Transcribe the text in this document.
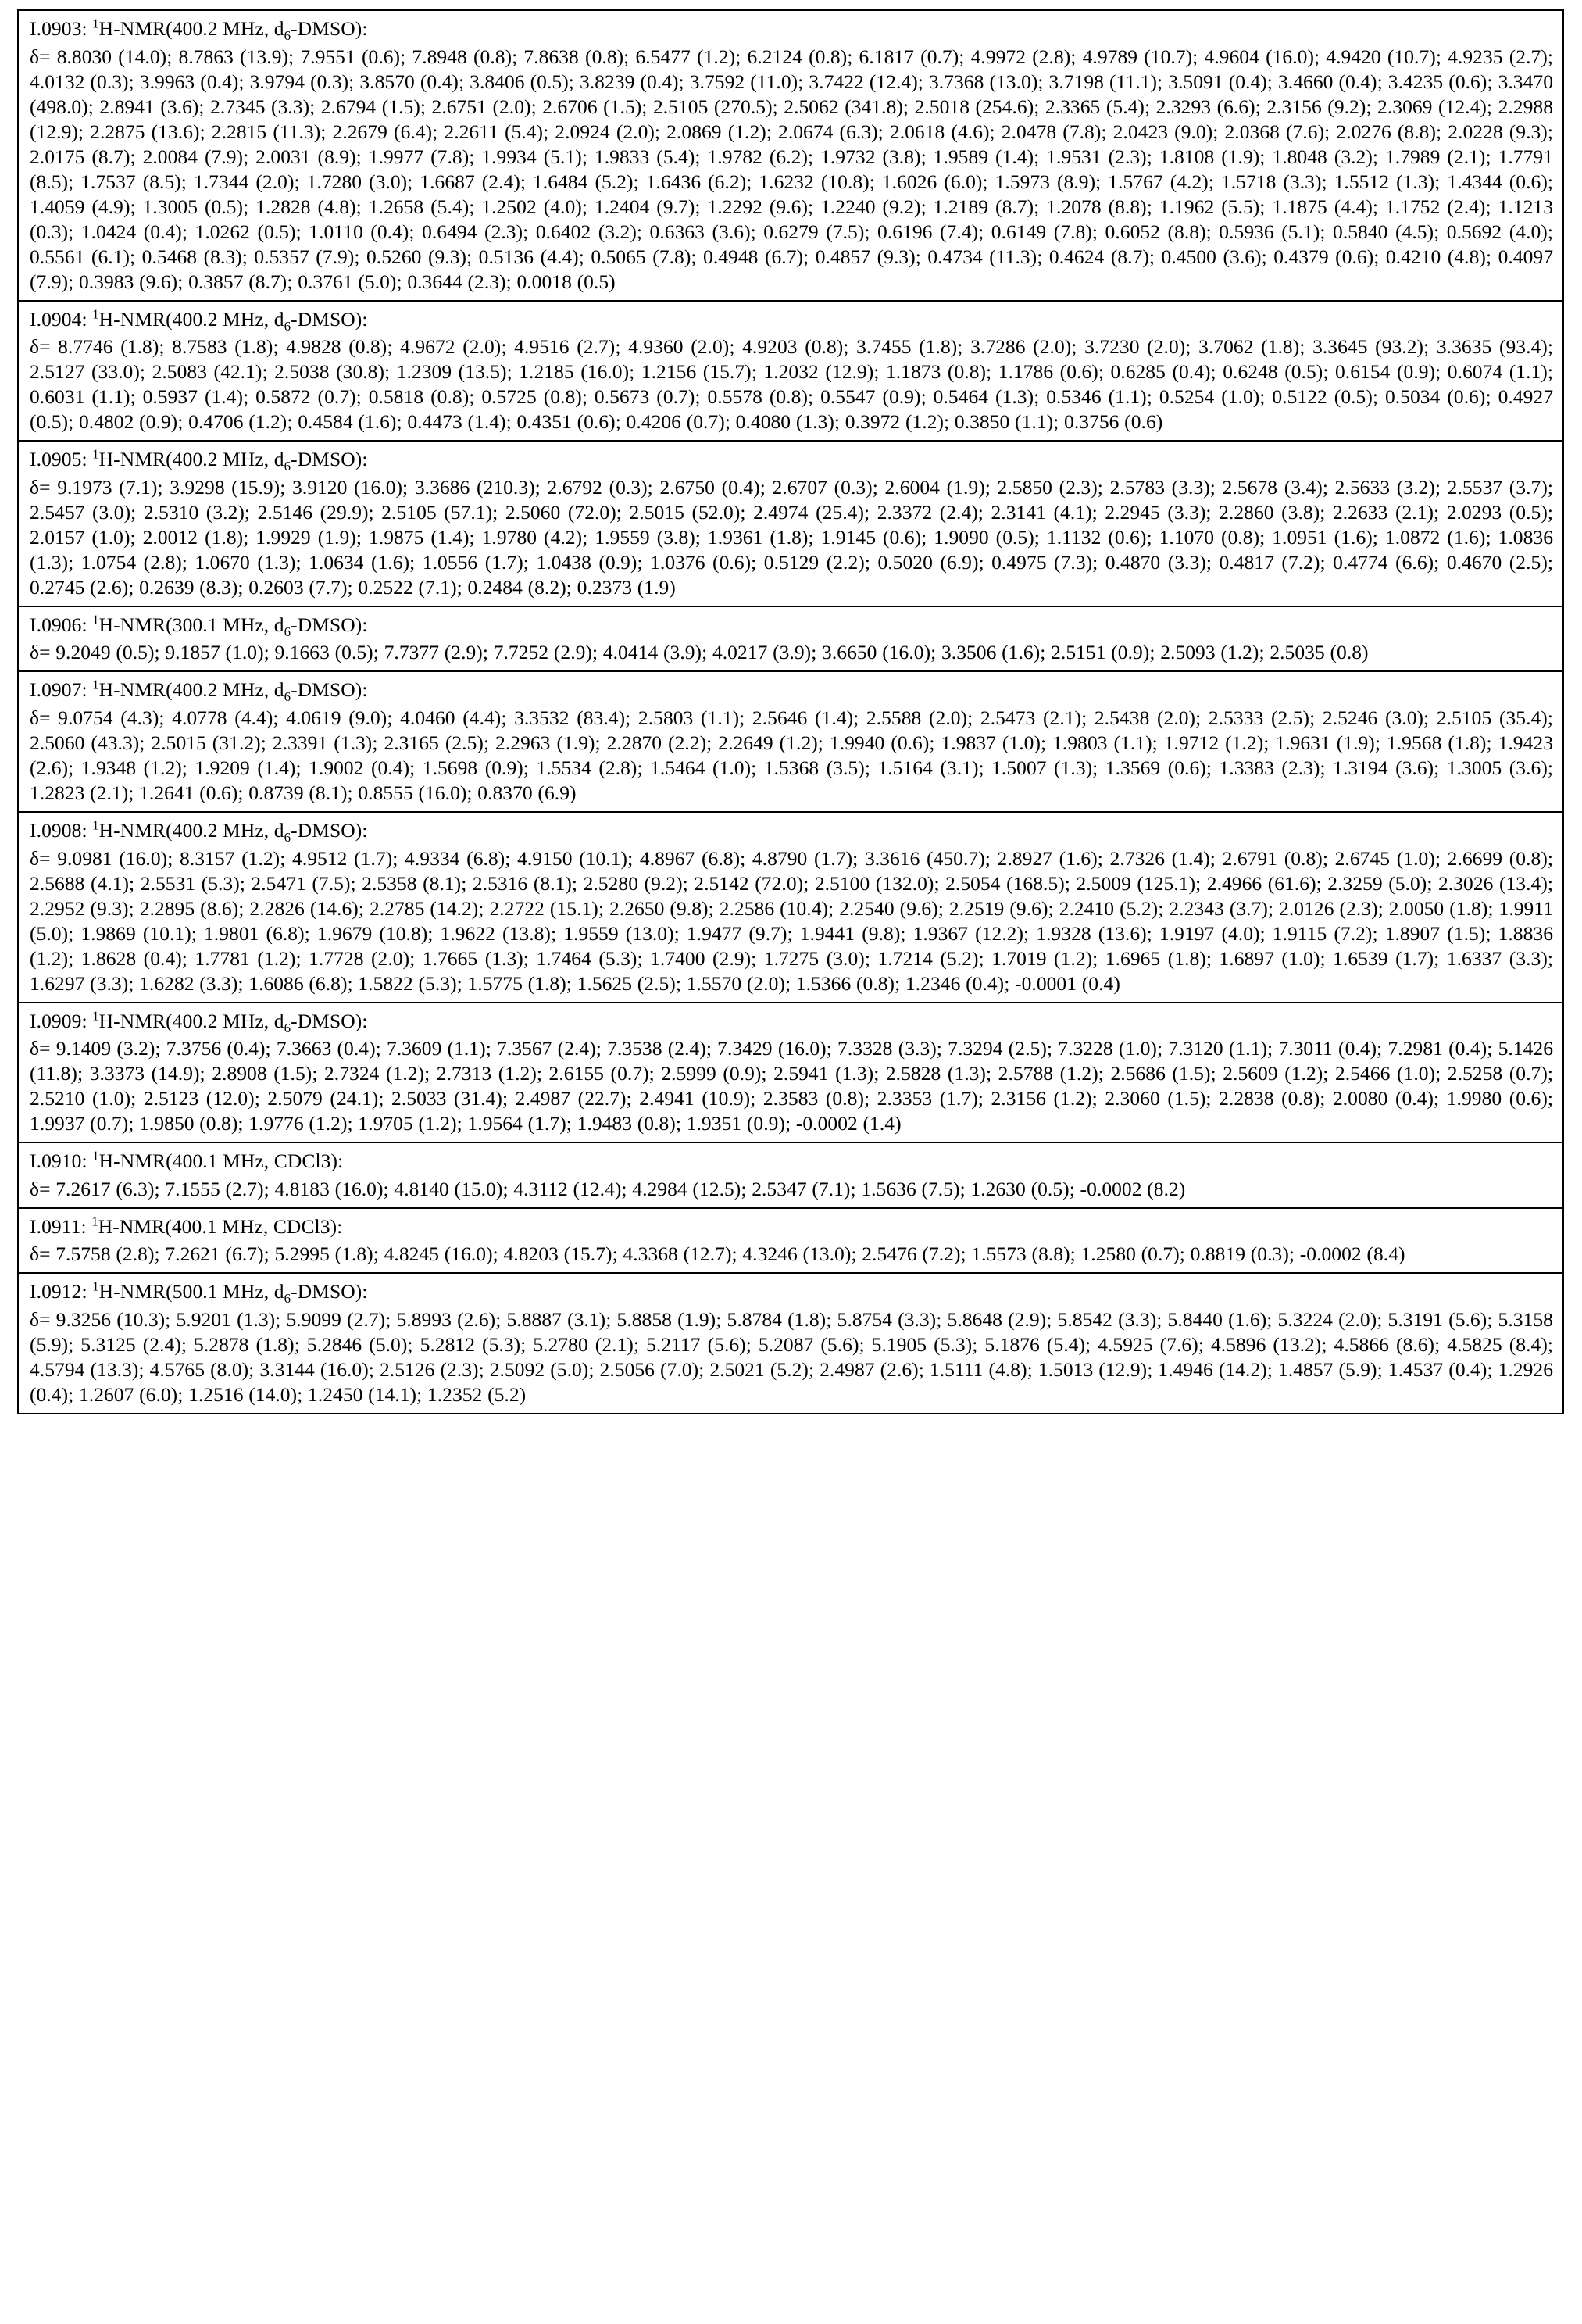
I.0903: $^1$H-NMR(400.2 MHz, $d_6-DMSO$):
δ= 8.8030 (14.0); 8.7863 (13.9); 7.9551 (0.6); 7.8948 (0.8); 7.8638 (0.8); 6.5477 (1.2); 6.2124 (0.8); 6.1817 (0.7); 4.9972 (2.8); 4.9789 (10.7); 4.9604 (16.0); 4.9420 (10.7); 4.9235 (2.7); 4.0132 (0.3); 3.9963 (0.4); 3.9794 (0.3); 3.8570 (0.4); 3.8406 (0.5); 3.8239 (0.4); 3.7592 (11.0); 3.7422 (12.4); 3.7368 (13.0); 3.7198 (11.1); 3.5091 (0.4); 3.4660 (0.4); 3.4235 (0.6); 3.3470 (498.0); 2.8941 (3.6); 2.7345 (3.3); 2.6794 (1.5); 2.6751 (2.0); 2.6706 (1.5); 2.5105 (270.5); 2.5062 (341.8); 2.5018 (254.6); 2.3365 (5.4); 2.3293 (6.6); 2.3156 (9.2); 2.3069 (12.4); 2.2988 (12.9); 2.2875 (13.6); 2.2815 (11.3); 2.2679 (6.4); 2.2611 (5.4); 2.0924 (2.0); 2.0869 (1.2); 2.0674 (6.3); 2.0618 (4.6); 2.0478 (7.8); 2.0423 (9.0); 2.0368 (7.6); 2.0276 (8.8); 2.0228 (9.3); 2.0175 (8.7); 2.0084 (7.9); 2.0031 (8.9); 1.9977 (7.8); 1.9934 (5.1); 1.9833 (5.4); 1.9782 (6.2); 1.9732 (3.8); 1.9589 (1.4); 1.9531 (2.3); 1.8108 (1.9); 1.8048 (3.2); 1.7989 (2.1); 1.7791 (8.5); 1.7537 (8.5); 1.7344 (2.0); 1.7280 (3.0); 1.6687 (2.4); 1.6484 (5.2); 1.6436 (6.2); 1.6232 (10.8); 1.6026 (6.0); 1.5973 (8.9); 1.5767 (4.2); 1.5718 (3.3); 1.5512 (1.3); 1.4344 (0.6); 1.4059 (4.9); 1.3005 (0.5); 1.2828 (4.8); 1.2658 (5.4); 1.2502 (4.0); 1.2404 (9.7); 1.2292 (9.6); 1.2240 (9.2); 1.2189 (8.7); 1.2078 (8.8); 1.1962 (5.5); 1.1875 (4.4); 1.1752 (2.4); 1.1213 (0.3); 1.0424 (0.4); 1.0262 (0.5); 1.0110 (0.4); 0.6494 (2.3); 0.6402 (3.2); 0.6363 (3.6); 0.6279 (7.5); 0.6196 (7.4); 0.6149 (7.8); 0.6052 (8.8); 0.5936 (5.1); 0.5840 (4.5); 0.5692 (4.0); 0.5561 (6.1); 0.5468 (8.3); 0.5357 (7.9); 0.5260 (9.3); 0.5136 (4.4); 0.5065 (7.8); 0.4948 (6.7); 0.4857 (9.3); 0.4734 (11.3); 0.4624 (8.7); 0.4500 (3.6); 0.4379 (0.6); 0.4210 (4.8); 0.4097 (7.9); 0.3983 (9.6); 0.3857 (8.7); 0.3761 (5.0); 0.3644 (2.3); 0.0018 (0.5)
I.0904: $^1$H-NMR(400.2 MHz, $d_6-DMSO$):
δ= 8.7746 (1.8); 8.7583 (1.8); 4.9828 (0.8); 4.9672 (2.0); 4.9516 (2.7); 4.9360 (2.0); 4.9203 (0.8); 3.7455 (1.8); 3.7286 (2.0); 3.7230 (2.0); 3.7062 (1.8); 3.3645 (93.2); 3.3635 (93.4); 2.5127 (33.0); 2.5083 (42.1); 2.5038 (30.8); 1.2309 (13.5); 1.2185 (16.0); 1.2156 (15.7); 1.2032 (12.9); 1.1873 (0.8); 1.1786 (0.6); 0.6285 (0.4); 0.6248 (0.5); 0.6154 (0.9); 0.6074 (1.1); 0.6031 (1.1); 0.5937 (1.4); 0.5872 (0.7); 0.5818 (0.8); 0.5725 (0.8); 0.5673 (0.7); 0.5578 (0.8); 0.5547 (0.9); 0.5464 (1.3); 0.5346 (1.1); 0.5254 (1.0); 0.5122 (0.5); 0.5034 (0.6); 0.4927 (0.5); 0.4802 (0.9); 0.4706 (1.2); 0.4584 (1.6); 0.4473 (1.4); 0.4351 (0.6); 0.4206 (0.7); 0.4080 (1.3); 0.3972 (1.2); 0.3850 (1.1); 0.3756 (0.6)
I.0905: $^1$H-NMR(400.2 MHz, $d_6-DMSO$):
δ= 9.1973 (7.1); 3.9298 (15.9); 3.9120 (16.0); 3.3686 (210.3); 2.6792 (0.3); 2.6750 (0.4); 2.6707 (0.3); 2.6004 (1.9); 2.5850 (2.3); 2.5783 (3.3); 2.5678 (3.4); 2.5633 (3.2); 2.5537 (3.7); 2.5457 (3.0); 2.5310 (3.2); 2.5146 (29.9); 2.5105 (57.1); 2.5060 (72.0); 2.5015 (52.0); 2.4974 (25.4); 2.3372 (2.4); 2.3141 (4.1); 2.2945 (3.3); 2.2860 (3.8); 2.2633 (2.1); 2.0293 (0.5); 2.0157 (1.0); 2.0012 (1.8); 1.9929 (1.9); 1.9875 (1.4); 1.9780 (4.2); 1.9559 (3.8); 1.9361 (1.8); 1.9145 (0.6); 1.9090 (0.5); 1.1132 (0.6); 1.1070 (0.8); 1.0951 (1.6); 1.0872 (1.6); 1.0836 (1.3); 1.0754 (2.8); 1.0670 (1.3); 1.0634 (1.6); 1.0556 (1.7); 1.0438 (0.9); 1.0376 (0.6); 0.5129 (2.2); 0.5020 (6.9); 0.4975 (7.3); 0.4870 (3.3); 0.4817 (7.2); 0.4774 (6.6); 0.4670 (2.5); 0.2745 (2.6); 0.2639 (8.3); 0.2603 (7.7); 0.2522 (7.1); 0.2484 (8.2); 0.2373 (1.9)
I.0906: $^1$H-NMR(300.1 MHz, $d_6-DMSO$):
δ= 9.2049 (0.5); 9.1857 (1.0); 9.1663 (0.5); 7.7377 (2.9); 7.7252 (2.9); 4.0414 (3.9); 4.0217 (3.9); 3.6650 (16.0); 3.3506 (1.6); 2.5151 (0.9); 2.5093 (1.2); 2.5035 (0.8)
I.0907: $^1$H-NMR(400.2 MHz, $d_6-DMSO$):
δ= 9.0754 (4.3); 4.0778 (4.4); 4.0619 (9.0); 4.0460 (4.4); 3.3532 (83.4); 2.5803 (1.1); 2.5646 (1.4); 2.5588 (2.0); 2.5473 (2.1); 2.5438 (2.0); 2.5333 (2.5); 2.5246 (3.0); 2.5105 (35.4); 2.5060 (43.3); 2.5015 (31.2); 2.3391 (1.3); 2.3165 (2.5); 2.2963 (1.9); 2.2870 (2.2); 2.2649 (1.2); 1.9940 (0.6); 1.9837 (1.0); 1.9803 (1.1); 1.9712 (1.2); 1.9631 (1.9); 1.9568 (1.8); 1.9423 (2.6); 1.9348 (1.2); 1.9209 (1.4); 1.9002 (0.4); 1.5698 (0.9); 1.5534 (2.8); 1.5464 (1.0); 1.5368 (3.5); 1.5164 (3.1); 1.5007 (1.3); 1.3569 (0.6); 1.3383 (2.3); 1.3194 (3.6); 1.3005 (3.6); 1.2823 (2.1); 1.2641 (0.6); 0.8739 (8.1); 0.8555 (16.0); 0.8370 (6.9)
I.0908: $^1$H-NMR(400.2 MHz, $d_6-DMSO$):
δ= 9.0981 (16.0); 8.3157 (1.2); 4.9512 (1.7); 4.9334 (6.8); 4.9150 (10.1); 4.8967 (6.8); 4.8790 (1.7); 3.3616 (450.7); 2.8927 (1.6); 2.7326 (1.4); 2.6791 (0.8); 2.6745 (1.0); 2.6699 (0.8); 2.5688 (4.1); 2.5531 (5.3); 2.5471 (7.5); 2.5358 (8.1); 2.5316 (8.1); 2.5280 (9.2); 2.5142 (72.0); 2.5100 (132.0); 2.5054 (168.5); 2.5009 (125.1); 2.4966 (61.6); 2.3259 (5.0); 2.3026 (13.4); 2.2952 (9.3); 2.2895 (8.6); 2.2826 (14.6); 2.2785 (14.2); 2.2722 (15.1); 2.2650 (9.8); 2.2586 (10.4); 2.2540 (9.6); 2.2519 (9.6); 2.2410 (5.2); 2.2343 (3.7); 2.0126 (2.3); 2.0050 (1.8); 1.9911 (5.0); 1.9869 (10.1); 1.9801 (6.8); 1.9679 (10.8); 1.9622 (13.8); 1.9559 (13.0); 1.9477 (9.7); 1.9441 (9.8); 1.9367 (12.2); 1.9328 (13.6); 1.9197 (4.0); 1.9115 (7.2); 1.8907 (1.5); 1.8836 (1.2); 1.8628 (0.4); 1.7781 (1.2); 1.7728 (2.0); 1.7665 (1.3); 1.7464 (5.3); 1.7400 (2.9); 1.7275 (3.0); 1.7214 (5.2); 1.7019 (1.2); 1.6965 (1.8); 1.6897 (1.0); 1.6539 (1.7); 1.6337 (3.3); 1.6297 (3.3); 1.6282 (3.3); 1.6086 (6.8); 1.5822 (5.3); 1.5775 (1.8); 1.5625 (2.5); 1.5570 (2.0); 1.5366 (0.8); 1.2346 (0.4); -0.0001 (0.4)
I.0909: $^1$H-NMR(400.2 MHz, $d_6-DMSO$):
δ= 9.1409 (3.2); 7.3756 (0.4); 7.3663 (0.4); 7.3609 (1.1); 7.3567 (2.4); 7.3538 (2.4); 7.3429 (16.0); 7.3328 (3.3); 7.3294 (2.5); 7.3228 (1.0); 7.3120 (1.1); 7.3011 (0.4); 7.2981 (0.4); 5.1426 (11.8); 3.3373 (14.9); 2.8908 (1.5); 2.7324 (1.2); 2.7313 (1.2); 2.6155 (0.7); 2.5999 (0.9); 2.5941 (1.3); 2.5828 (1.3); 2.5788 (1.2); 2.5686 (1.5); 2.5609 (1.2); 2.5466 (1.0); 2.5258 (0.7); 2.5210 (1.0); 2.5123 (12.0); 2.5079 (24.1); 2.5033 (31.4); 2.4987 (22.7); 2.4941 (10.9); 2.3583 (0.8); 2.3353 (1.7); 2.3156 (1.2); 2.3060 (1.5); 2.2838 (0.8); 2.0080 (0.4); 1.9980 (0.6); 1.9937 (0.7); 1.9850 (0.8); 1.9776 (1.2); 1.9705 (1.2); 1.9564 (1.7); 1.9483 (0.8); 1.9351 (0.9); -0.0002 (1.4)
I.0910: $^1$H-NMR(400.1 MHz, CDCl3):
δ= 7.2617 (6.3); 7.1555 (2.7); 4.8183 (16.0); 4.8140 (15.0); 4.3112 (12.4); 4.2984 (12.5); 2.5347 (7.1); 1.5636 (7.5); 1.2630 (0.5); -0.0002 (8.2)
I.0911: $^1$H-NMR(400.1 MHz, CDCl3):
δ= 7.5758 (2.8); 7.2621 (6.7); 5.2995 (1.8); 4.8245 (16.0); 4.8203 (15.7); 4.3368 (12.7); 4.3246 (13.0); 2.5476 (7.2); 1.5573 (8.8); 1.2580 (0.7); 0.8819 (0.3); -0.0002 (8.4)
I.0912: $^1$H-NMR(500.1 MHz, $d_6-DMSO$):
δ= 9.3256 (10.3); 5.9201 (1.3); 5.9099 (2.7); 5.8993 (2.6); 5.8887 (3.1); 5.8858 (1.9); 5.8784 (1.8); 5.8754 (3.3); 5.8648 (2.9); 5.8542 (3.3); 5.8440 (1.6); 5.3224 (2.0); 5.3191 (5.6); 5.3158 (5.9); 5.3125 (2.4); 5.2878 (1.8); 5.2846 (5.0); 5.2812 (5.3); 5.2780 (2.1); 5.2117 (5.6); 5.2087 (5.6); 5.1905 (5.3); 5.1876 (5.4); 4.5925 (7.6); 4.5896 (13.2); 4.5866 (8.6); 4.5825 (8.4); 4.5794 (13.3); 4.5765 (8.0); 3.3144 (16.0); 2.5126 (2.3); 2.5092 (5.0); 2.5056 (7.0); 2.5021 (5.2); 2.4987 (2.6); 1.5111 (4.8); 1.5013 (12.9); 1.4946 (14.2); 1.4857 (5.9); 1.4537 (0.4); 1.2926 (0.4); 1.2607 (6.0); 1.2516 (14.0); 1.2450 (14.1); 1.2352 (5.2)
